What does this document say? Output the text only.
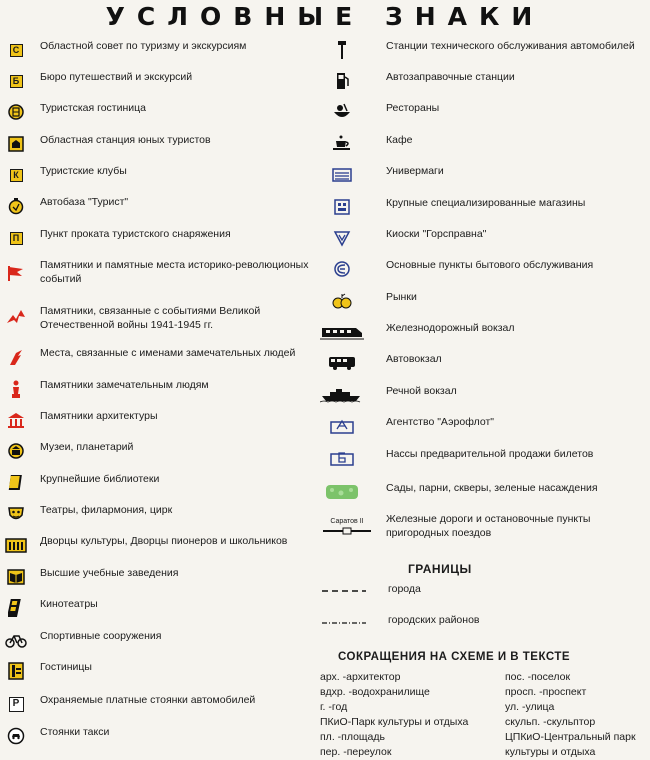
УСЛОВНЫЕ ЗНАКИ
С	Областной совет по туризму и экскурсиям
Б	Бюро путешествий и экскурсий
Туристская гостиница
Областная станция юных туристов
К	Туристские клубы
Автобаза "Турист"
П	Пункт проката туристского снаряжения
Памятники и памятные места историко-революционых событий
Памятники, связанные с событиями Великой Отечественной войны 1941-1945 гг.
Места, связанные с именами замечательных людей
Памятники замечательным людям
Памятники архитектуры
Музеи, планетарий
Крупнейшие библиотеки
Театры, филармония, цирк
Дворцы культуры, Дворцы пионеров и школьников
Высшие учебные заведения
Кинотеатры
Спортивные сооружения
Гостиницы
P	Охраняемые платные стоянки автомобилей
Стоянки такси
Станции технического обслуживания автомобилей
Автозаправочные станции
Рестораны
Кафе
Универмаги
Крупные специализированные магазины
Киоски "Горсправна"
Основные пункты бытового обслуживания
Рынки
Железнодорожный вокзал
Автовокзал
Речной вокзал
Агентство "Аэрофлот"
Нассы предварительной продажи билетов
Сады, парни, скверы, зеленые насаждения
Саратов II Железные дороги и остановочные пункты пригородных поездов
ГРАНИЦЫ
города
городских районов
СОКРАЩЕНИЯ НА СХЕМЕ И В ТЕКСТЕ
арх. -архитектор
вдхр. -водохранилище
г. -год
ПКиО-Парк культуры и отдыха
пл. -площадь
пер. -переулок
пос. -поселок
просп. -проспект
ул. -улица
скульп. -скульптор
ЦПКиО-Центральный парк
культуры и отдыха
